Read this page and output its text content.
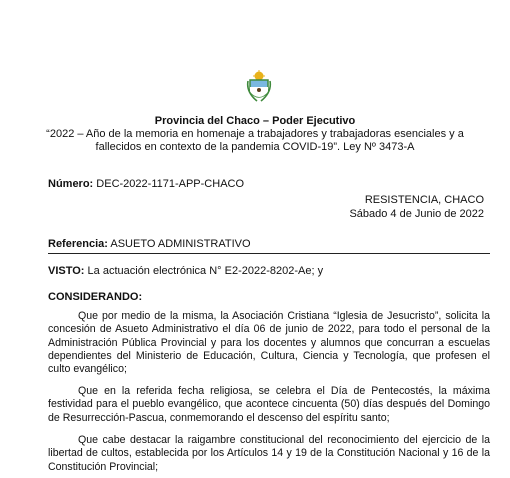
Provincia del Chaco – Poder Ejecutivo
“2022 – Año de la memoria en homenaje a trabajadores y trabajadoras esenciales y a
fallecidos en contexto de la pandemia COVID-19”. Ley Nº 3473-A
Número: DEC-2022-1171-APP-CHACO
RESISTENCIA, CHACO
Sábado 4 de Junio de 2022
Referencia: ASUETO ADMINISTRATIVO
VISTO: La actuación electrónica N° E2-2022-8202-Ae; y
CONSIDERANDO:
Que por medio de la misma, la Asociación Cristiana “Iglesia de Jesucristo”, solicita la concesión de Asueto Administrativo el día 06 de junio de 2022, para todo el personal de la Administración Pública Provincial y para los docentes y alumnos que concurran a escuelas dependientes del Ministerio de Educación, Cultura, Ciencia y Tecnología, que profesen el culto evangélico;
Que en la referida fecha religiosa, se celebra el Día de Pentecostés, la máxima festividad para el pueblo evangélico, que acontece cincuenta (50) días después del Domingo de Resurrección-Pascua, conmemorando el descenso del espíritu santo;
Que cabe destacar la raigambre constitucional del reconocimiento del ejercicio de la libertad de cultos, establecida por los Artículos 14 y 19 de la Constitución Nacional y 16 de la Constitución Provincial;
